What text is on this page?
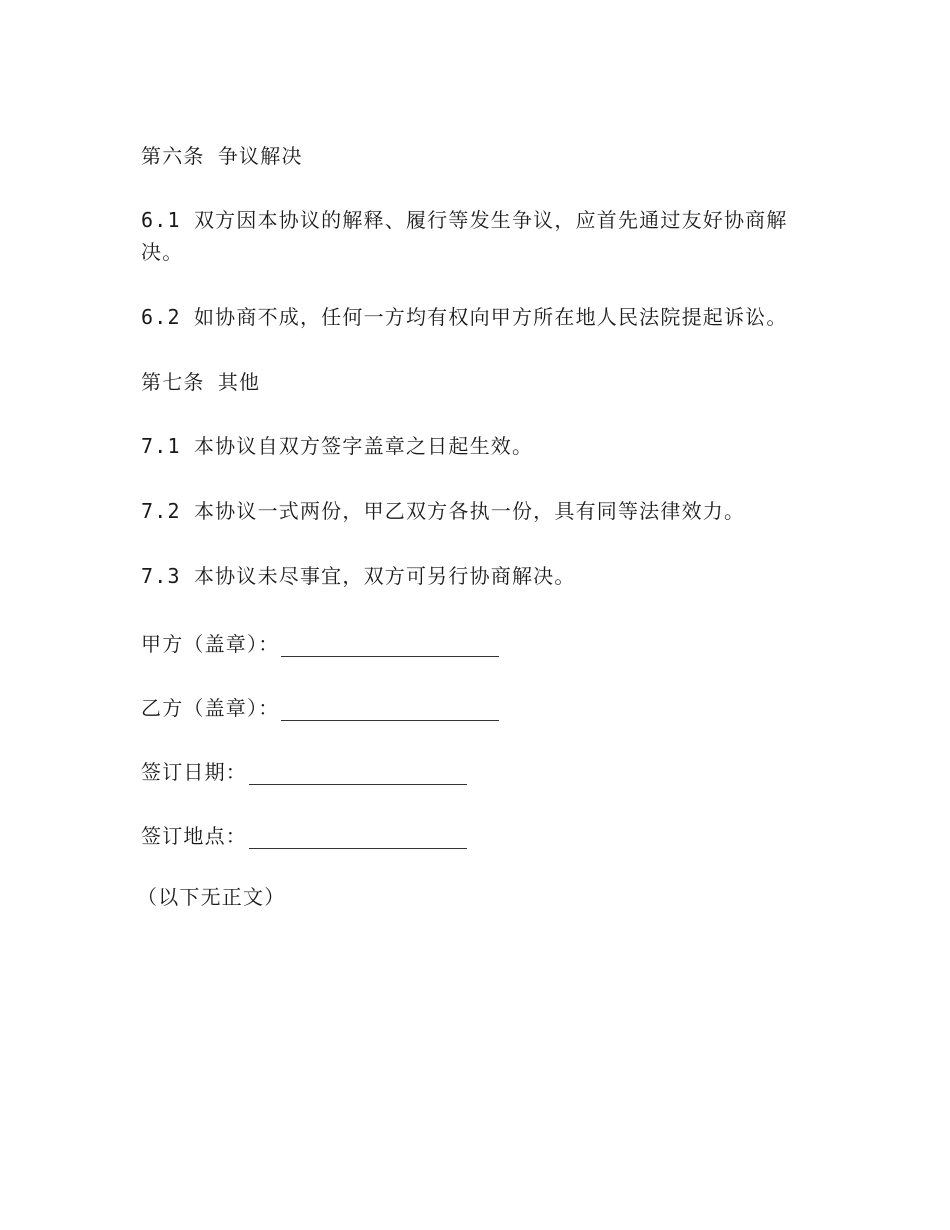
第六条 争议解决

6.1 双方因本协议的解释、履行等发生争议，应首先通过友好协商解决。

6.2 如协商不成，任何一方均有权向甲方所在地人民法院提起诉讼。

第七条 其他

7.1 本协议自双方签字盖章之日起生效。

7.2 本协议一式两份，甲乙双方各执一份，具有同等法律效力。

7.3 本协议未尽事宜，双方可另行协商解决。

甲方（盖章）：
乙方（盖章）：
签订日期：
签订地点：

（以下无正文）
